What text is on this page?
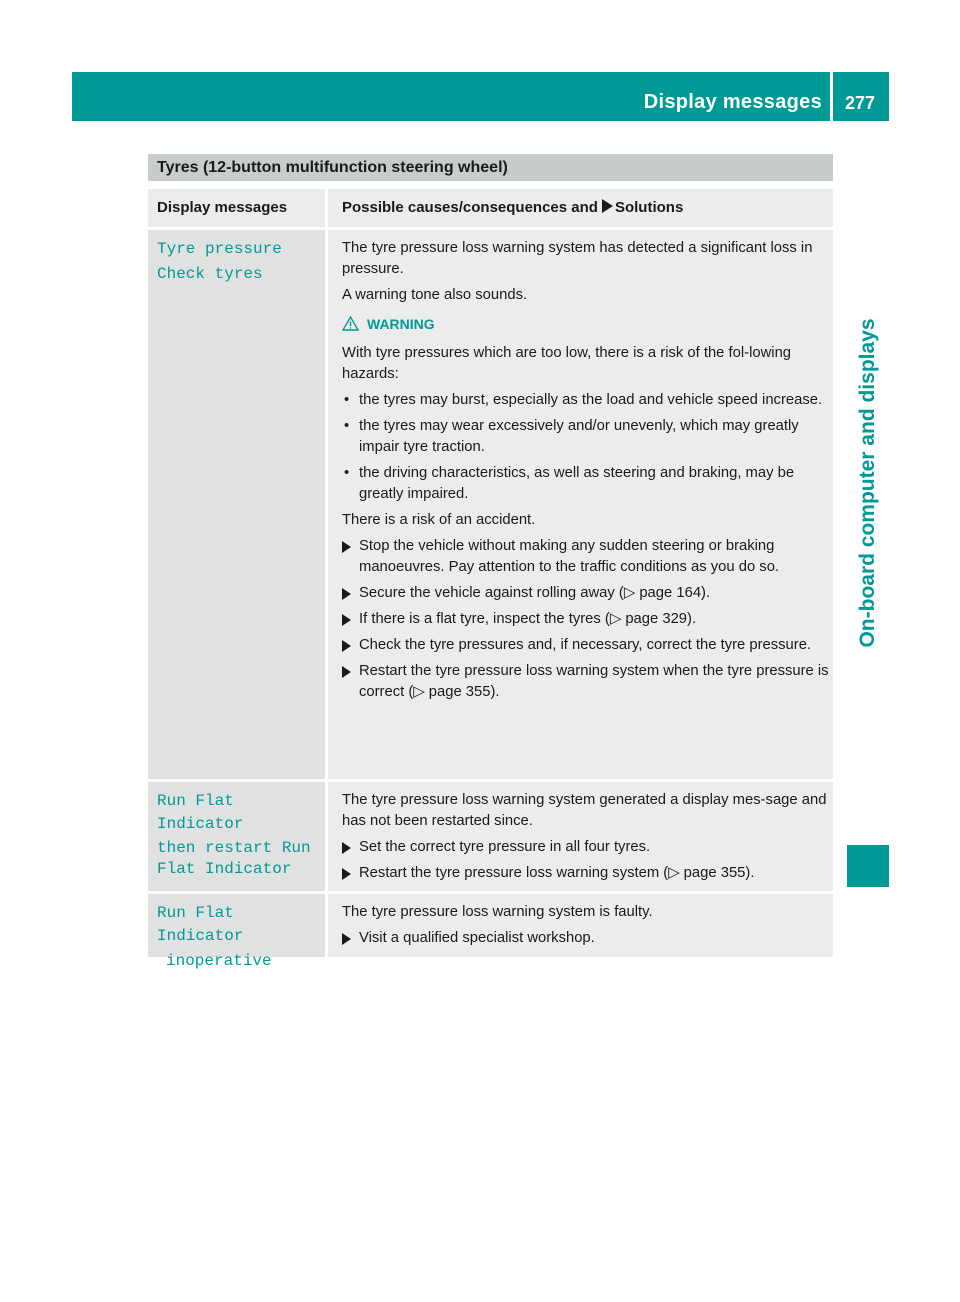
Display messages	277
On-board computer and displays
Tyres (12-button multifunction steering wheel)
Display messages	Possible causes/consequences and Solutions

Tyre pressure

Check tyres

The tyre pressure loss warning system has detected a significant loss in pressure.

A warning tone also sounds.

WARNING

With tyre pressures which are too low, there is a risk of the fol-lowing hazards:

• the tyres may burst, especially as the load and vehicle speed increase.
• the tyres may wear excessively and/or unevenly, which may greatly impair tyre traction.
• the driving characteristics, as well as steering and braking, may be greatly impaired.

There is a risk of an accident.

Stop the vehicle without making any sudden steering or braking manoeuvres. Pay attention to the traffic conditions as you do so.
Secure the vehicle against rolling away (▷ page 164).
If there is a flat tyre, inspect the tyres (▷ page 329).
Check the tyre pressures and, if necessary, correct the tyre pressure.
Restart the tyre pressure loss warning system when the tyre pressure is correct (▷ page 355).

Run Flat Indicator

then restart Run

Flat Indicator

The tyre pressure loss warning system generated a display mes-sage and has not been restarted since.

Set the correct tyre pressure in all four tyres.
Restart the tyre pressure loss warning system (▷ page 355).

Run Flat Indicator

inoperative

The tyre pressure loss warning system is faulty.

Visit a qualified specialist workshop.
